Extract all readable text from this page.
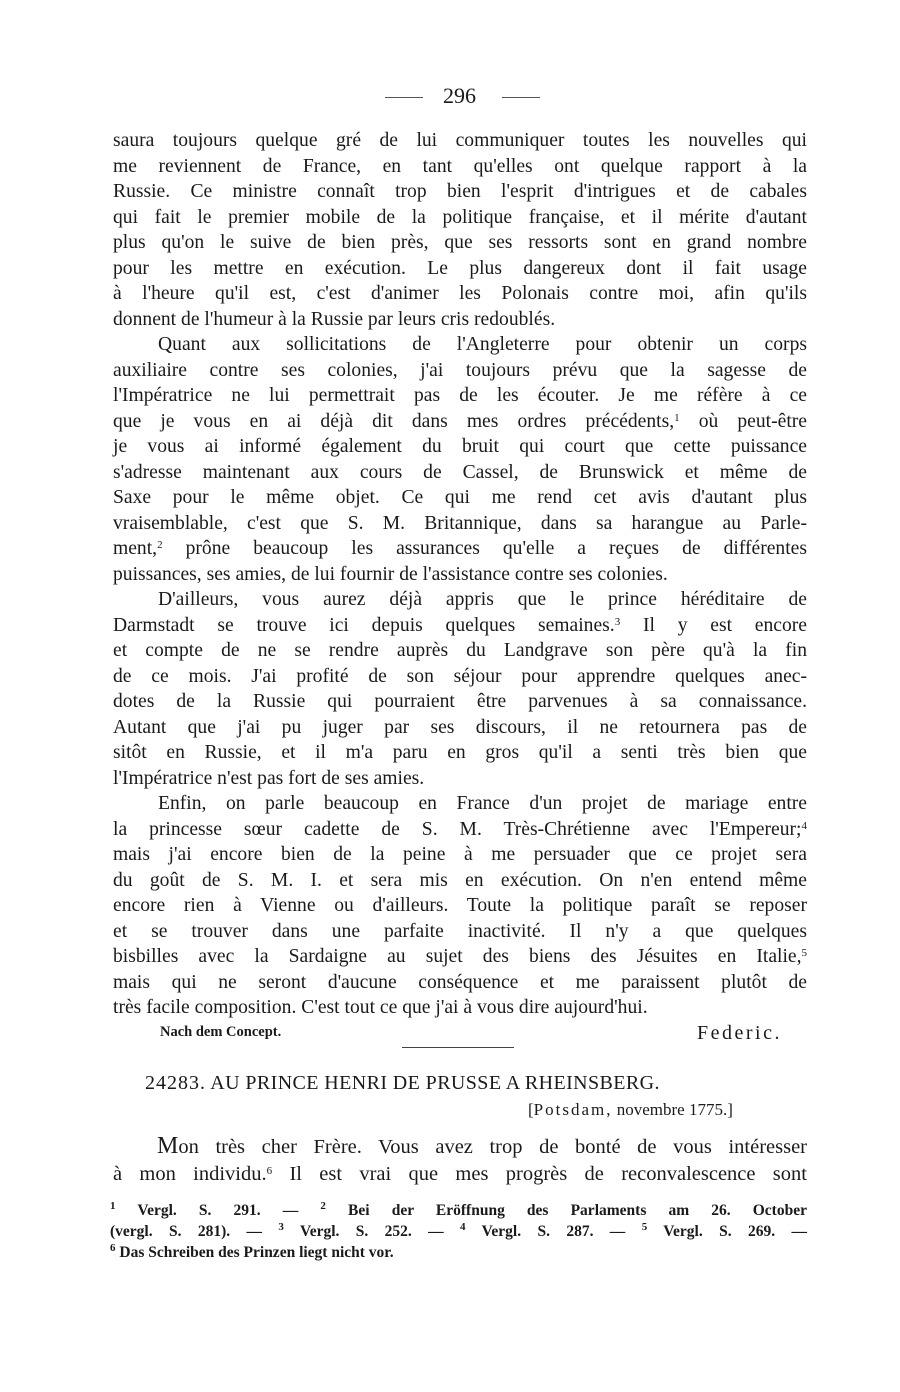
296
saura toujours quelque gré de lui communiquer toutes les nouvelles qui
me reviennent de France, en tant qu'elles ont quelque rapport à la
Russie. Ce ministre connaît trop bien l'esprit d'intrigues et de cabales
qui fait le premier mobile de la politique française, et il mérite d'autant
plus qu'on le suive de bien près, que ses ressorts sont en grand nombre
pour les mettre en exécution. Le plus dangereux dont il fait usage
à l'heure qu'il est, c'est d'animer les Polonais contre moi, afin qu'ils
donnent de l'humeur à la Russie par leurs cris redoublés.
Quant aux sollicitations de l'Angleterre pour obtenir un corps
auxiliaire contre ses colonies, j'ai toujours prévu que la sagesse de
l'Impératrice ne lui permettrait pas de les écouter. Je me réfère à ce
que je vous en ai déjà dit dans mes ordres précédents,$^1$ où peut-être
je vous ai informé également du bruit qui court que cette puissance
s'adresse maintenant aux cours de Cassel, de Brunswick et même de
Saxe pour le même objet. Ce qui me rend cet avis d'autant plus
vraisemblable, c'est que S. M. Britannique, dans sa harangue au Parle-
ment,$^2$ prône beaucoup les assurances qu'elle a reçues de différentes
puissances, ses amies, de lui fournir de l'assistance contre ses colonies.
D'ailleurs, vous aurez déjà appris que le prince héréditaire de
Darmstadt se trouve ici depuis quelques semaines.$^3$ Il y est encore
et compte de ne se rendre auprès du Landgrave son père qu'à la fin
de ce mois. J'ai profité de son séjour pour apprendre quelques anec-
dotes de la Russie qui pourraient être parvenues à sa connaissance.
Autant que j'ai pu juger par ses discours, il ne retournera pas de
sitôt en Russie, et il m'a paru en gros qu'il a senti très bien que
l'Impératrice n'est pas fort de ses amies.
Enfin, on parle beaucoup en France d'un projet de mariage entre
la princesse sœur cadette de S. M. Très-Chrétienne avec l'Empereur;$^4$
mais j'ai encore bien de la peine à me persuader que ce projet sera
du goût de S. M. I. et sera mis en exécution. On n'en entend même
encore rien à Vienne ou d'ailleurs. Toute la politique paraît se reposer
et se trouver dans une parfaite inactivité. Il n'y a que quelques
bisbilles avec la Sardaigne au sujet des biens des Jésuites en Italie,$^5$
mais qui ne seront d'aucune conséquence et me paraissent plutôt de
très facile composition. C'est tout ce que j'ai à vous dire aujourd'hui.
Nach dem Concept.	Federic.
24283. AU PRINCE HENRI DE PRUSSE A RHEINSBERG.
[Potsdam, novembre 1775.]
Mon très cher Frère. Vous avez trop de bonté de vous intéresser
à mon individu.$^6$ Il est vrai que mes progrès de reconvalescence sont
$^1$ Vergl. S. 291. — $^2$ Bei der Eröffnung des Parlaments am 26. October
(vergl. S. 281). — $^3$ Vergl. S. 252. — $^4$ Vergl. S. 287. — $^5$ Vergl. S. 269. —
$^6$ Das Schreiben des Prinzen liegt nicht vor.
